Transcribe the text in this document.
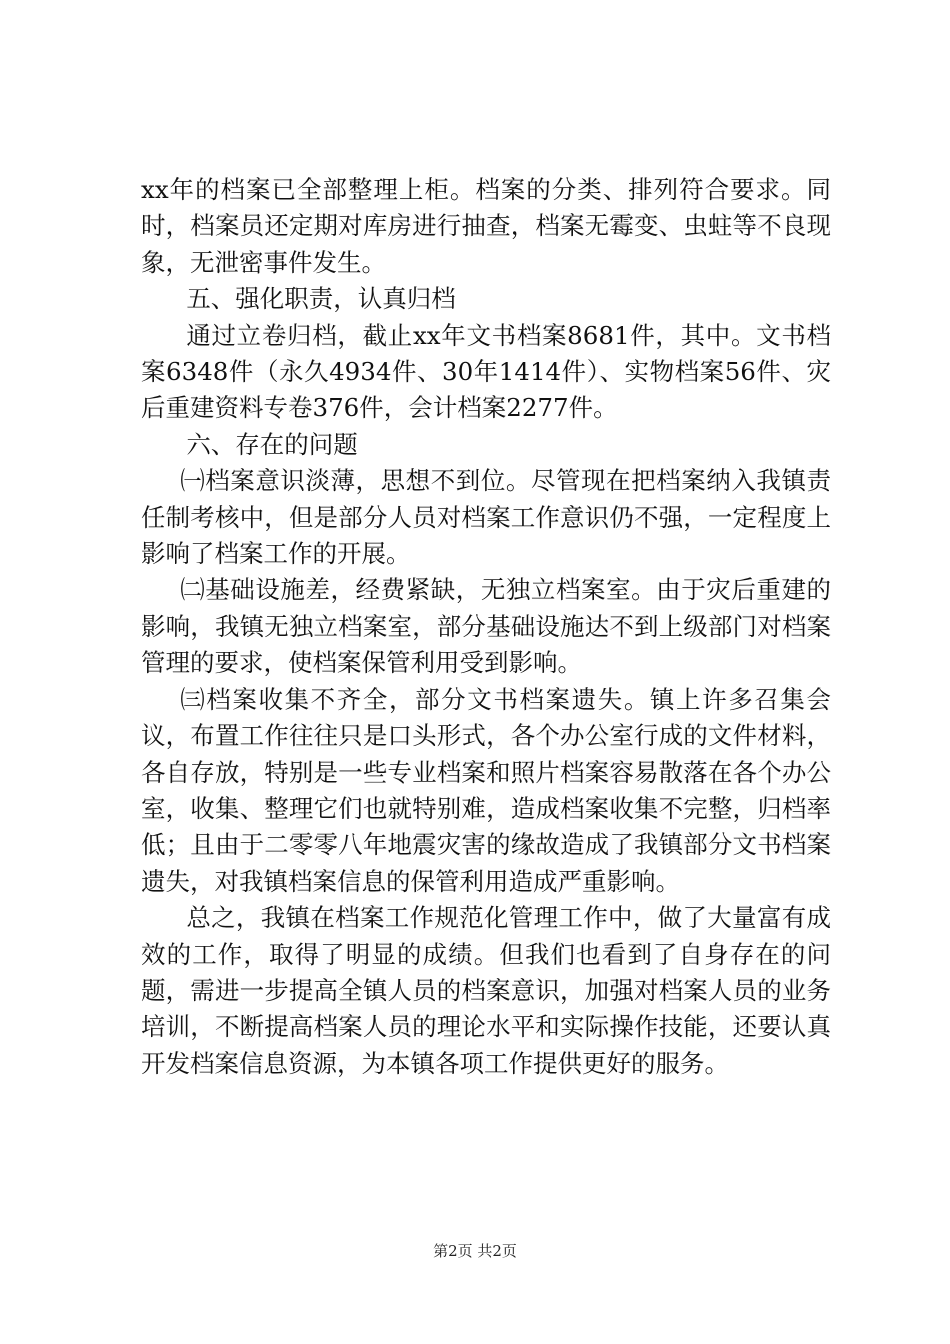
xx年的档案已全部整理上柜。档案的分类、排列符合要求。同时，档案员还定期对库房进行抽查，档案无霉变、虫蛀等不良现象，无泄密事件发生。

五、强化职责，认真归档

通过立卷归档，截止xx年文书档案8681件，其中。文书档案6348件（永久4934件、30年1414件）、实物档案56件、灾后重建资料专卷376件，会计档案2277件。

六、存在的问题

㈠档案意识淡薄，思想不到位。尽管现在把档案纳入我镇责任制考核中，但是部分人员对档案工作意识仍不强，一定程度上影响了档案工作的开展。

㈡基础设施差，经费紧缺，无独立档案室。由于灾后重建的影响，我镇无独立档案室，部分基础设施达不到上级部门对档案管理的要求，使档案保管利用受到影响。

㈢档案收集不齐全，部分文书档案遗失。镇上许多召集会议，布置工作往往只是口头形式，各个办公室行成的文件材料，各自存放，特别是一些专业档案和照片档案容易散落在各个办公室，收集、整理它们也就特别难，造成档案收集不完整，归档率低；且由于二零零八年地震灾害的缘故造成了我镇部分文书档案遗失，对我镇档案信息的保管利用造成严重影响。

总之，我镇在档案工作规范化管理工作中，做了大量富有成效的工作，取得了明显的成绩。但我们也看到了自身存在的问题，需进一步提高全镇人员的档案意识，加强对档案人员的业务培训，不断提高档案人员的理论水平和实际操作技能，还要认真开发档案信息资源，为本镇各项工作提供更好的服务。

第2页 共2页
